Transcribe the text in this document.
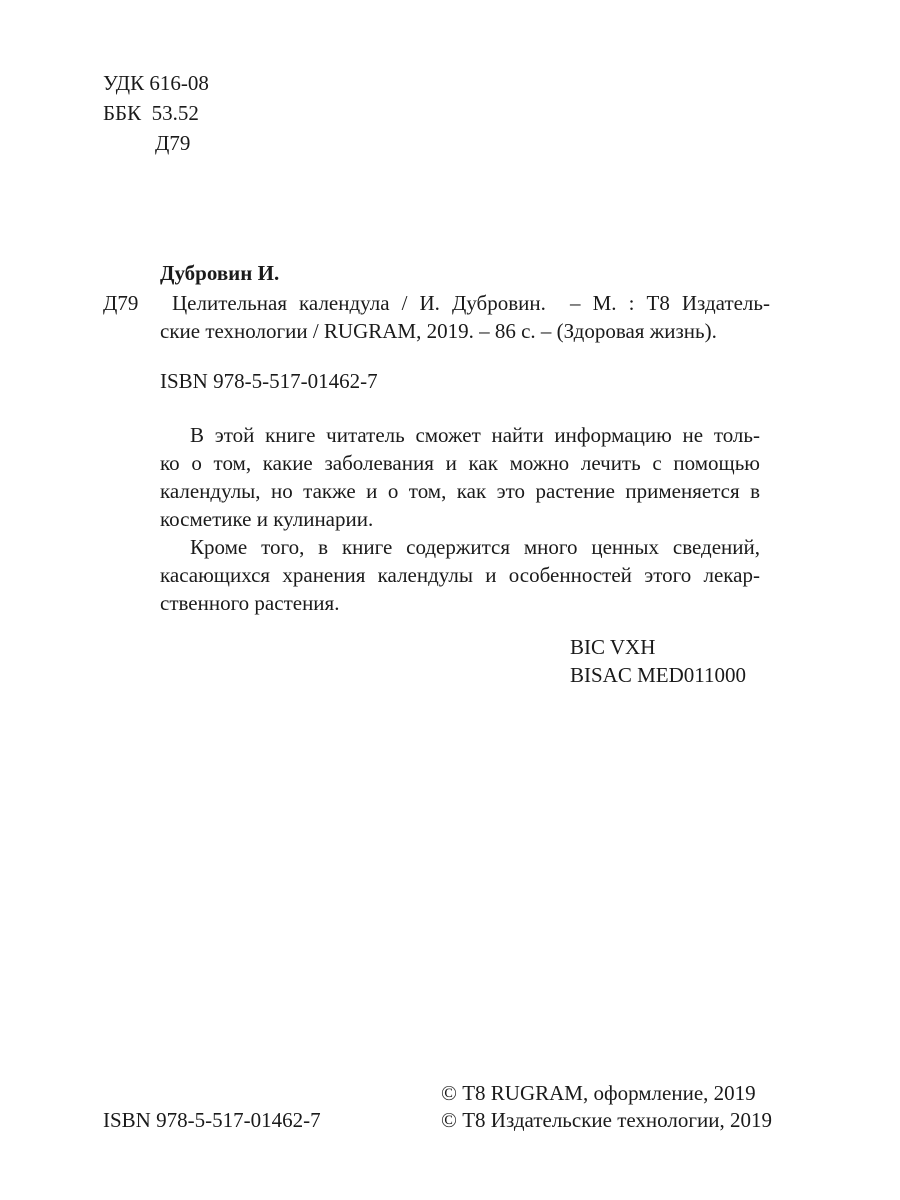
УДК 616-08
ББК  53.52
Д79
Дубровин И.
Д79 Целительная календула / И. Дубровин.  – М. : Т8 Издатель-
ские технологии / RUGRAM, 2019. – 86 с. – (Здоровая жизнь).
ISBN 978-5-517-01462-7
В этой книге читатель сможет найти информацию не толь-
ко о том, какие заболевания и как можно лечить с помощью
календулы, но также и о том, как это растение применяется в
косметике и кулинарии.
Кроме того, в книге содержится много ценных сведений,
касающихся хранения календулы и особенностей этого лекар-
ственного растения.
BIC VXH
BISAC MED011000
© Т8 RUGRAM, оформление, 2019
ISBN 978-5-517-01462-7	© Т8 Издательские технологии, 2019
